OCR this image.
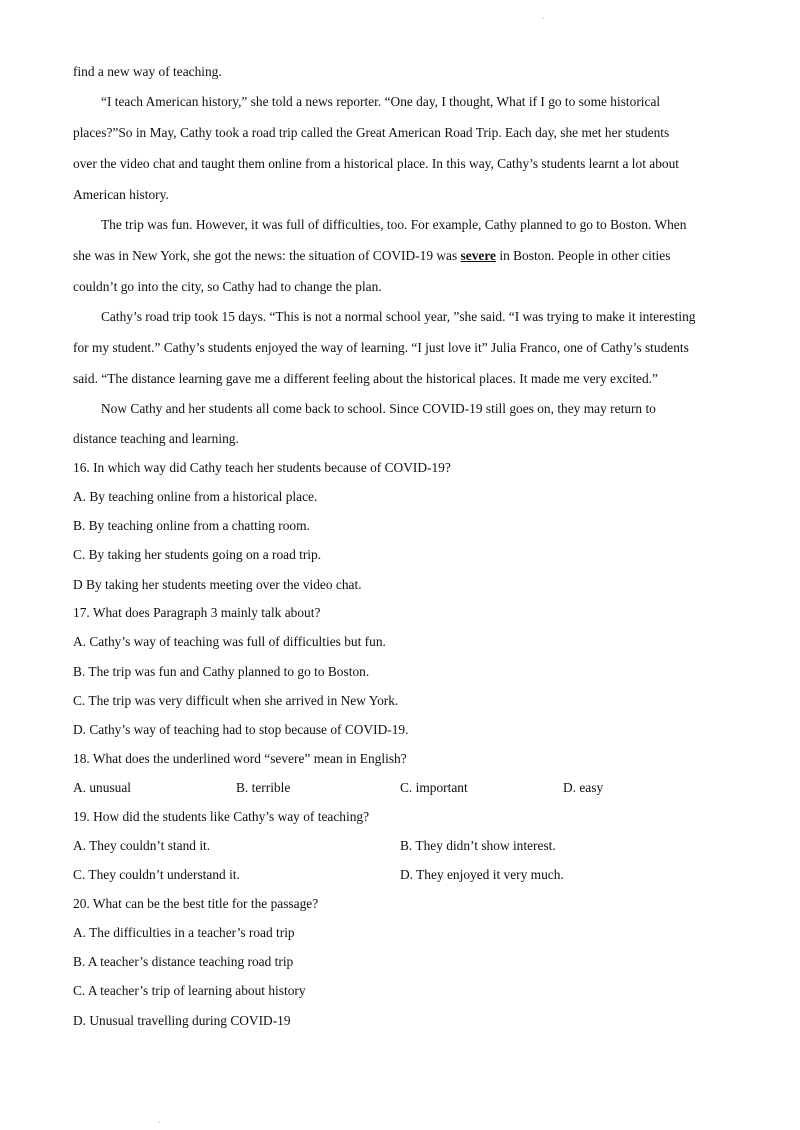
·
find a new way of teaching.
“I teach American history,” she told a news reporter. “One day, I thought, What if I go to some historical
places?”So in May, Cathy took a road trip called the Great American Road Trip. Each day, she met her students
over the video chat and taught them online from a historical place. In this way, Cathy’s students learnt a lot about
American history.
The trip was fun. However, it was full of difficulties, too. For example, Cathy planned to go to Boston. When
she was in New York, she got the news: the situation of COVID-19 was severe in Boston. People in other cities
couldn’t go into the city, so Cathy had to change the plan.
Cathy’s road trip took 15 days. “This is not a normal school year, ”she said. “I was trying to make it interesting
for my student.” Cathy’s students enjoyed the way of learning. “I just love it” Julia Franco, one of Cathy’s students
said. “The distance learning gave me a different feeling about the historical places. It made me very excited.”
Now Cathy and her students all come back to school. Since COVID-19 still goes on, they may return to
distance teaching and learning.
16. In which way did Cathy teach her students because of COVID-19?
A. By teaching online from a historical place.
B. By teaching online from a chatting room.
C. By taking her students going on a road trip.
D By taking her students meeting over the video chat.
17. What does Paragraph 3 mainly talk about?
A. Cathy’s way of teaching was full of difficulties but fun.
B. The trip was fun and Cathy planned to go to Boston.
C. The trip was very difficult when she arrived in New York.
D. Cathy’s way of teaching had to stop because of COVID-19.
18. What does the underlined word “severe” mean in English?
A. unusual	B. terrible	C. important	D. easy
19. How did the students like Cathy’s way of teaching?
A. They couldn’t stand it.	B. They didn’t show interest.
C. They couldn’t understand it.	D. They enjoyed it very much.
20. What can be the best title for the passage?
A. The difficulties in a teacher’s road trip
B. A teacher’s distance teaching road trip
C. A teacher’s trip of learning about history
D. Unusual travelling during COVID-19
·
